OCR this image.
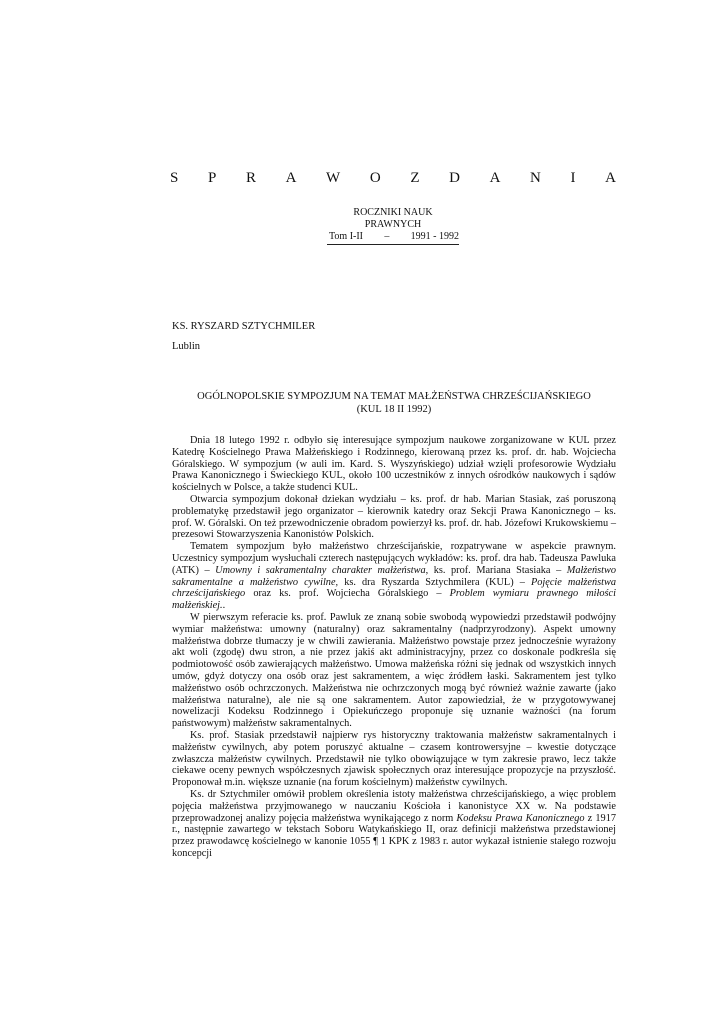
S P R A W O Z D A N I A
ROCZNIKI NAUK PRAWNYCH
Tom I-II – 1991 - 1992
KS. RYSZARD SZTYCHMILER
Lublin
OGÓLNOPOLSKIE SYMPOZJUM NA TEMAT MAŁŻEŃSTWA CHRZEŚCIJAŃSKIEGO
(KUL 18 II 1992)

Dnia 18 lutego 1992 r. odbyło się interesujące sympozjum naukowe zorganizowane w KUL przez Katedrę Kościelnego Prawa Małżeńskiego i Rodzinnego, kierowaną przez ks. prof. dr. hab. Wojciecha Góralskiego. W sympozjum (w auli im. Kard. S. Wyszyńskiego) udział wzięli profesorowie Wydziału Prawa Kanonicznego i Świeckiego KUL, około 100 uczestników z innych ośrodków naukowych i sądów kościelnych w Polsce, a także studenci KUL.

Otwarcia sympozjum dokonał dziekan wydziału – ks. prof. dr hab. Marian Stasiak, zaś poruszoną problematykę przedstawił jego organizator – kierownik katedry oraz Sekcji Prawa Kanonicznego – ks. prof. W. Góralski. On też przewodniczenie obradom powierzył ks. prof. dr. hab. Józefowi Krukowskiemu – prezesowi Stowarzyszenia Kanonistów Polskich.

Tematem sympozjum było małżeństwo chrześcijańskie, rozpatrywane w aspekcie prawnym. Uczestnicy sympozjum wysłuchali czterech następujących wykładów: ks. prof. dra hab. Tadeusza Pawluka (ATK) – Umowny i sakramentalny charakter małżeństwa, ks. prof. Mariana Stasiaka – Małżeństwo sakramentalne a małżeństwo cywilne, ks. dra Ryszarda Sztychmilera (KUL) – Pojęcie małżeństwa chrześcijańskiego oraz ks. prof. Wojciecha Góralskiego – Problem wymiaru prawnego miłości małżeńskiej..

W pierwszym referacie ks. prof. Pawluk ze znaną sobie swobodą wypowiedzi przedstawił podwójny wymiar małżeństwa: umowny (naturalny) oraz sakramentalny (nadprzyrodzony). Aspekt umowny małżeństwa dobrze tłumaczy je w chwili zawierania. Małżeństwo powstaje przez jednocześnie wyrażony akt woli (zgodę) dwu stron, a nie przez jakiś akt administracyjny, przez co doskonale podkreśla się podmiotowość osób zawierających małżeństwo. Umowa małżeńska różni się jednak od wszystkich innych umów, gdyż dotyczy ona osób oraz jest sakramentem, a więc źródłem łaski. Sakramentem jest tylko małżeństwo osób ochrzczonych. Małżeństwa nie ochrzczonych mogą być również ważnie zawarte (jako małżeństwa naturalne), ale nie są one sakramentem. Autor zapowiedział, że w przygotowywanej nowelizacji Kodeksu Rodzinnego i Opiekuńczego proponuje się uznanie ważności (na forum państwowym) małżeństw sakramentalnych.

Ks. prof. Stasiak przedstawił najpierw rys historyczny traktowania małżeństw sakramentalnych i małżeństw cywilnych, aby potem poruszyć aktualne – czasem kontrowersyjne – kwestie dotyczące zwłaszcza małżeństw cywilnych. Przedstawił nie tylko obowiązujące w tym zakresie prawo, lecz także ciekawe oceny pewnych współczesnych zjawisk społecznych oraz interesujące propozycje na przyszłość. Proponował m.in. większe uznanie (na forum kościelnym) małżeństw cywilnych.

Ks. dr Sztychmiler omówił problem określenia istoty małżeństwa chrześcijańskiego, a więc problem pojęcia małżeństwa przyjmowanego w nauczaniu Kościoła i kanonistyce XX w. Na podstawie przeprowadzonej analizy pojęcia małżeństwa wynikającego z norm Kodeksu Prawa Kanonicznego z 1917 r., następnie zawartego w tekstach Soboru Watykańskiego II, oraz definicji małżeństwa przedstawionej przez prawodawcę kościelnego w kanonie 1055 ¶ 1 KPK z 1983 r. autor wykazał istnienie stałego rozwoju koncepcji
